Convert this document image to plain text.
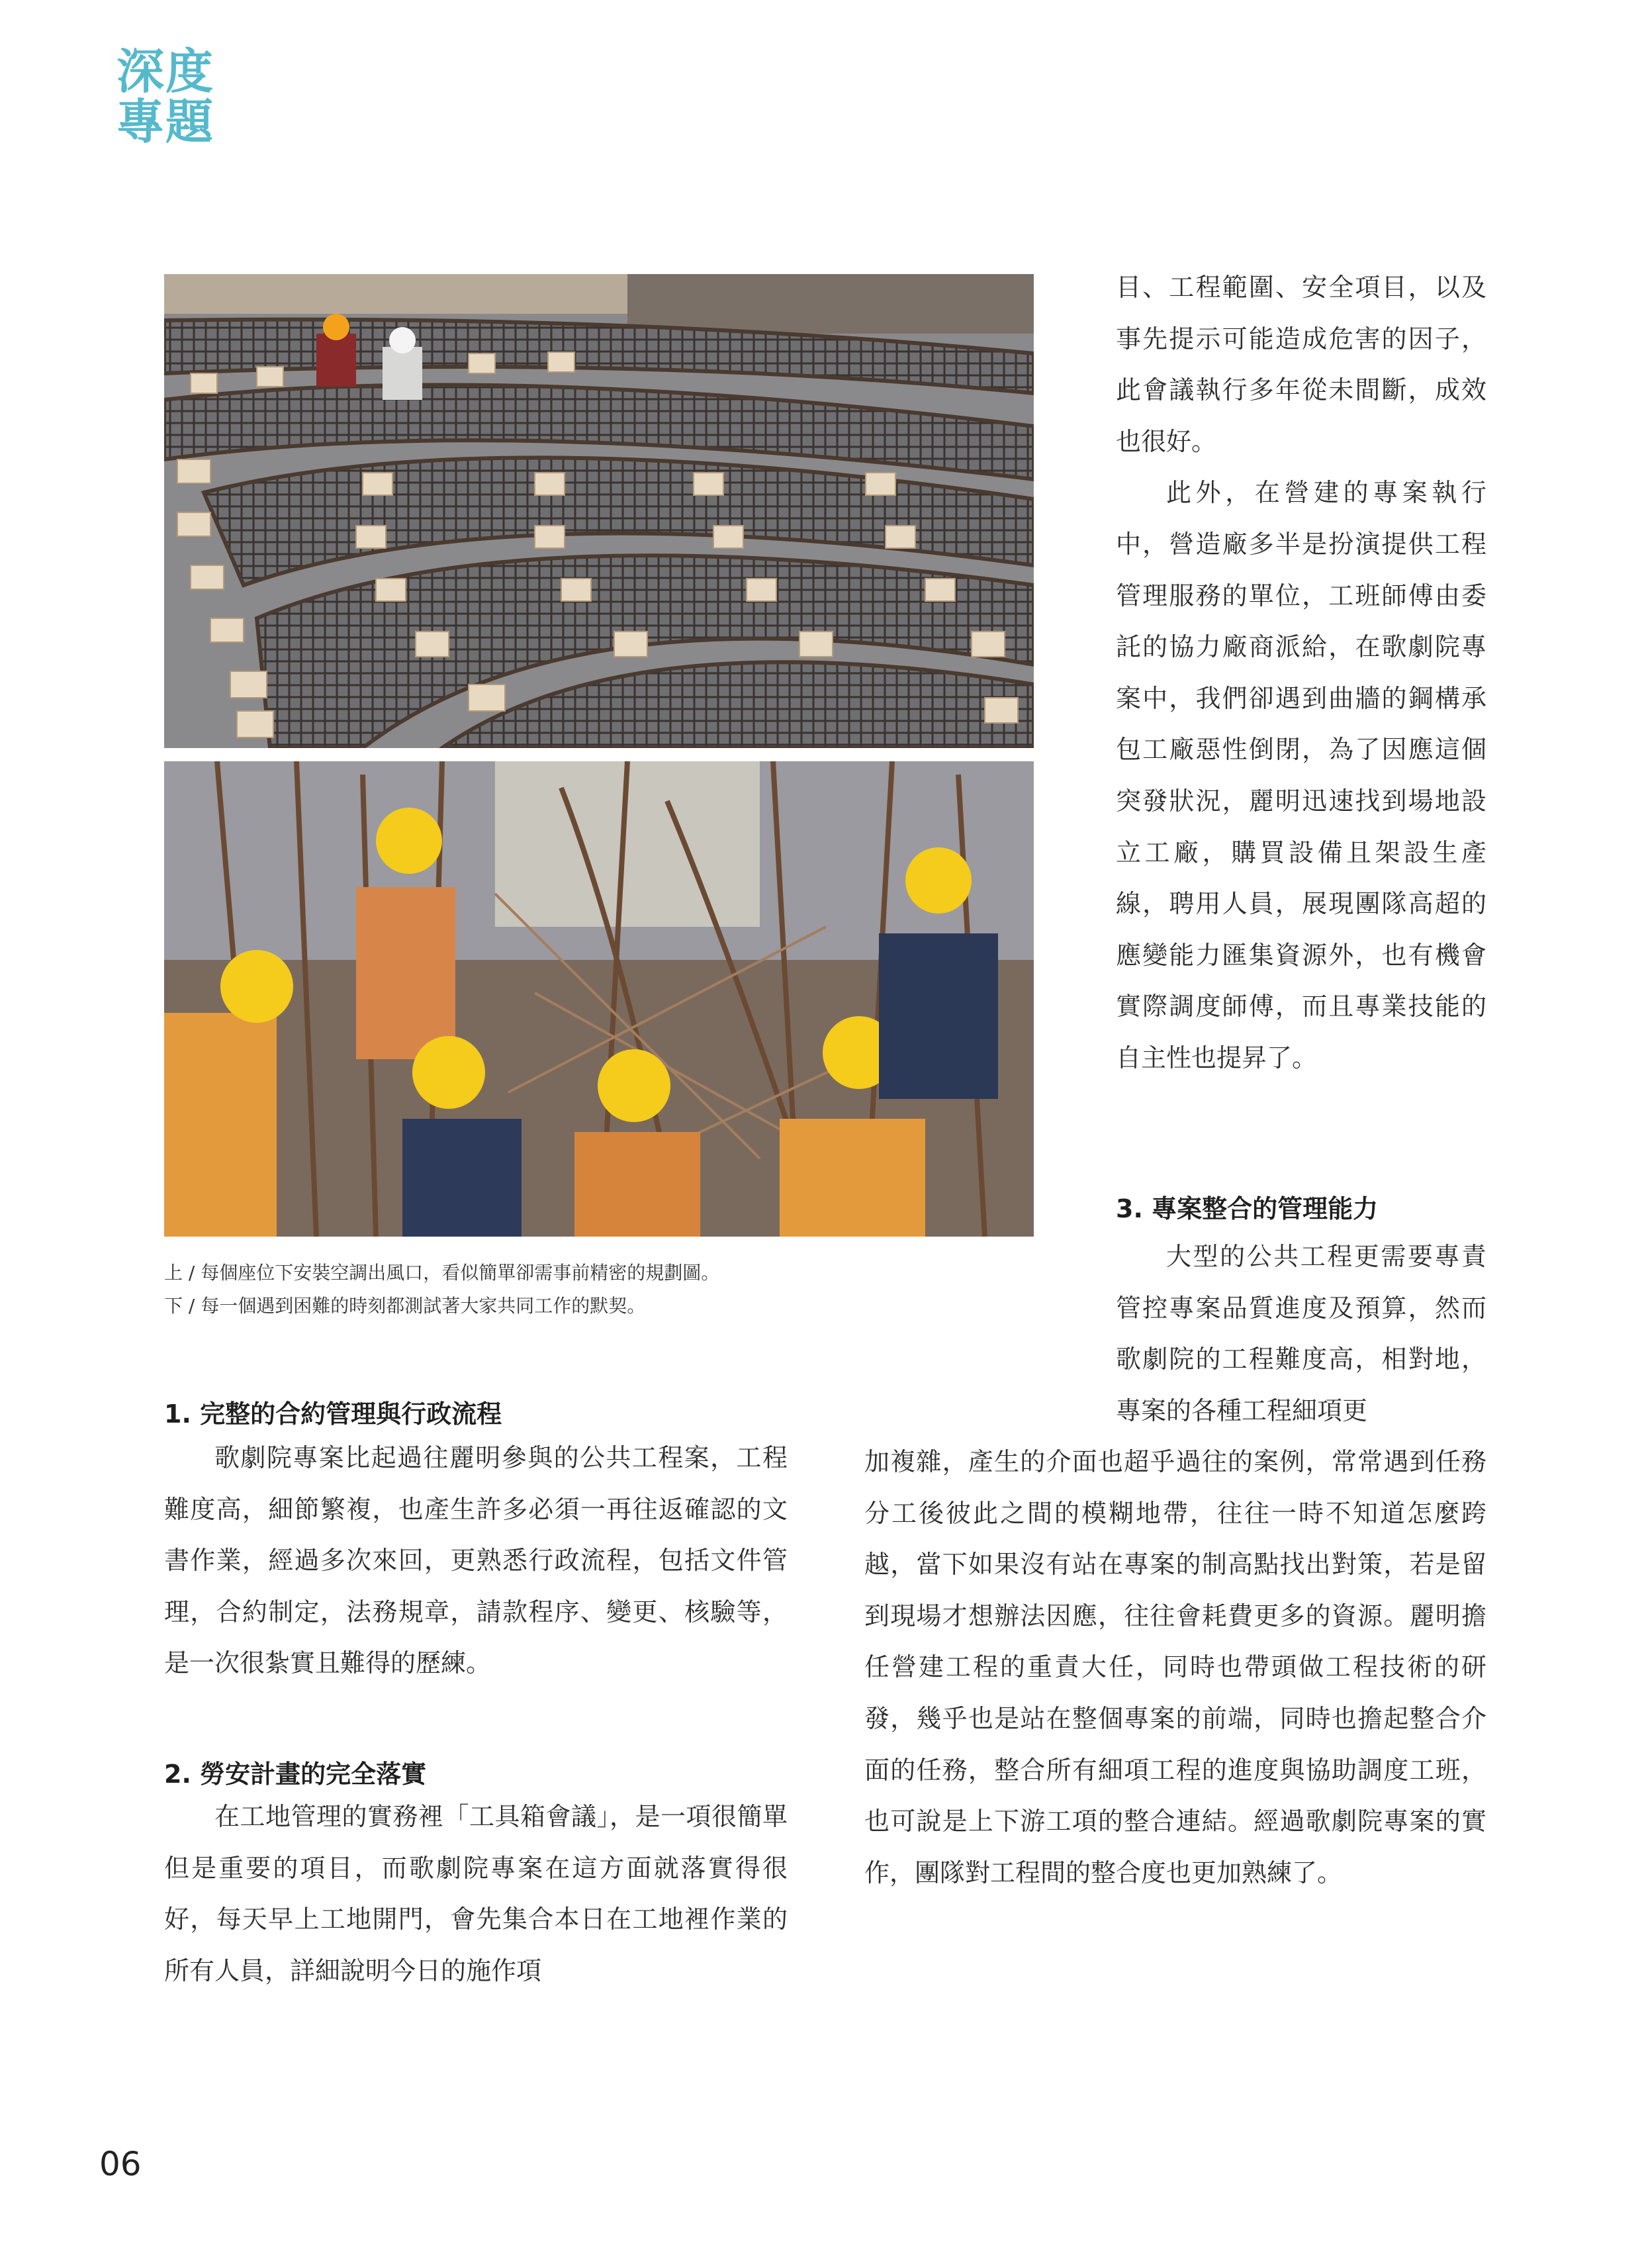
深度
專題

上 / 每個座位下安裝空調出風口，看似簡單卻需事前精密的規劃圖。

下 / 每一個遇到困難的時刻都測試著大家共同工作的默契。

目、工程範圍、安全項目，以及事先提示可能造成危害的因子，此會議執行多年從未間斷，成效也很好。

此外，在營建的專案執行中，營造廠多半是扮演提供工程管理服務的單位，工班師傅由委託的協力廠商派給，在歌劇院專案中，我們卻遇到曲牆的鋼構承包工廠惡性倒閉，為了因應這個突發狀況，麗明迅速找到場地設立工廠，購買設備且架設生產線，聘用人員，展現團隊高超的應變能力匯集資源外，也有機會實際調度師傅，而且專業技能的自主性也提昇了。

1. 完整的合約管理與行政流程

歌劇院專案比起過往麗明參與的公共工程案，工程難度高，細節繁複，也產生許多必須一再往返確認的文書作業，經過多次來回，更熟悉行政流程，包括文件管理，合約制定，法務規章，請款程序、變更、核驗等，是一次很紮實且難得的歷練。

2. 勞安計畫的完全落實

在工地管理的實務裡「工具箱會議」，是一項很簡單但是重要的項目，而歌劇院專案在這方面就落實得很好，每天早上工地開門，會先集合本日在工地裡作業的所有人員，詳細說明今日的施作項

3. 專案整合的管理能力

大型的公共工程更需要專責管控專案品質進度及預算，然而歌劇院的工程難度高，相對地，專案的各種工程細項更

加複雜，產生的介面也超乎過往的案例，常常遇到任務分工後彼此之間的模糊地帶，往往一時不知道怎麼跨越，當下如果沒有站在專案的制高點找出對策，若是留到現場才想辦法因應，往往會耗費更多的資源。麗明擔任營建工程的重責大任，同時也帶頭做工程技術的研發，幾乎也是站在整個專案的前端，同時也擔起整合介面的任務，整合所有細項工程的進度與協助調度工班，也可說是上下游工項的整合連結。經過歌劇院專案的實作，團隊對工程間的整合度也更加熟練了。

06
